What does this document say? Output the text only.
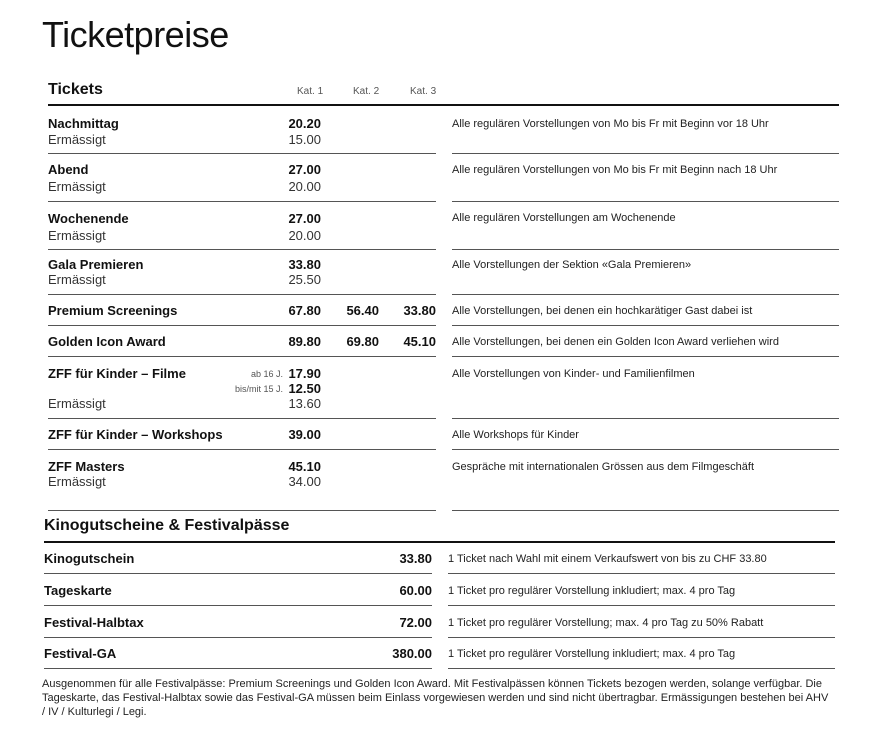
Ticketpreise
Tickets	Kat. 1	Kat. 2	Kat. 3
Nachmittag	20.20
Ermässigt	15.00
Alle regulären Vorstellungen von Mo bis Fr mit Beginn vor 18 Uhr
Abend	27.00
Ermässigt	20.00
Alle regulären Vorstellungen von Mo bis Fr mit Beginn nach 18 Uhr
Wochenende	27.00
Ermässigt	20.00
Alle regulären Vorstellungen am Wochenende
Gala Premieren	33.80
Ermässigt	25.50
Alle Vorstellungen der Sektion «Gala Premieren»
Premium Screenings	67.80 56.40 33.80 Alle Vorstellungen, bei denen ein hochkarätiger Gast dabei ist
Golden Icon Award	89.80 69.80 45.10 Alle Vorstellungen, bei denen ein Golden Icon Award verliehen wird
ZFF für Kinder – Filme	ab 16 J. 17.90
bis/mit 15 J. 12.50
Ermässigt	13.60
Alle Vorstellungen von Kinder- und Familienfilmen
ZFF für Kinder – Workshops	39.00	Alle Workshops für Kinder
ZFF Masters	45.10
Ermässigt	34.00
Gespräche mit internationalen Grössen aus dem Filmgeschäft
Kinogutscheine & Festivalpässe
Kinogutschein	33.80 1 Ticket nach Wahl mit einem Verkaufswert von bis zu CHF 33.80
Tageskarte	60.00 1 Ticket pro regulärer Vorstellung inkludiert; max. 4 pro Tag
Festival-Halbtax	72.00 1 Ticket pro regulärer Vorstellung; max. 4 pro Tag zu 50% Rabatt
Festival-GA	380.00 1 Ticket pro regulärer Vorstellung inkludiert; max. 4 pro Tag
Ausgenommen für alle Festivalpässe: Premium Screenings und Golden Icon Award. Mit Festivalpässen können Tickets bezogen werden, solange verfügbar. Die Tageskarte, das Festival-Halbtax sowie das Festival-GA müssen beim Einlass vorgewiesen werden und sind nicht übertragbar. Ermässigungen bestehen bei AHV / IV / Kulturlegi / Legi.
